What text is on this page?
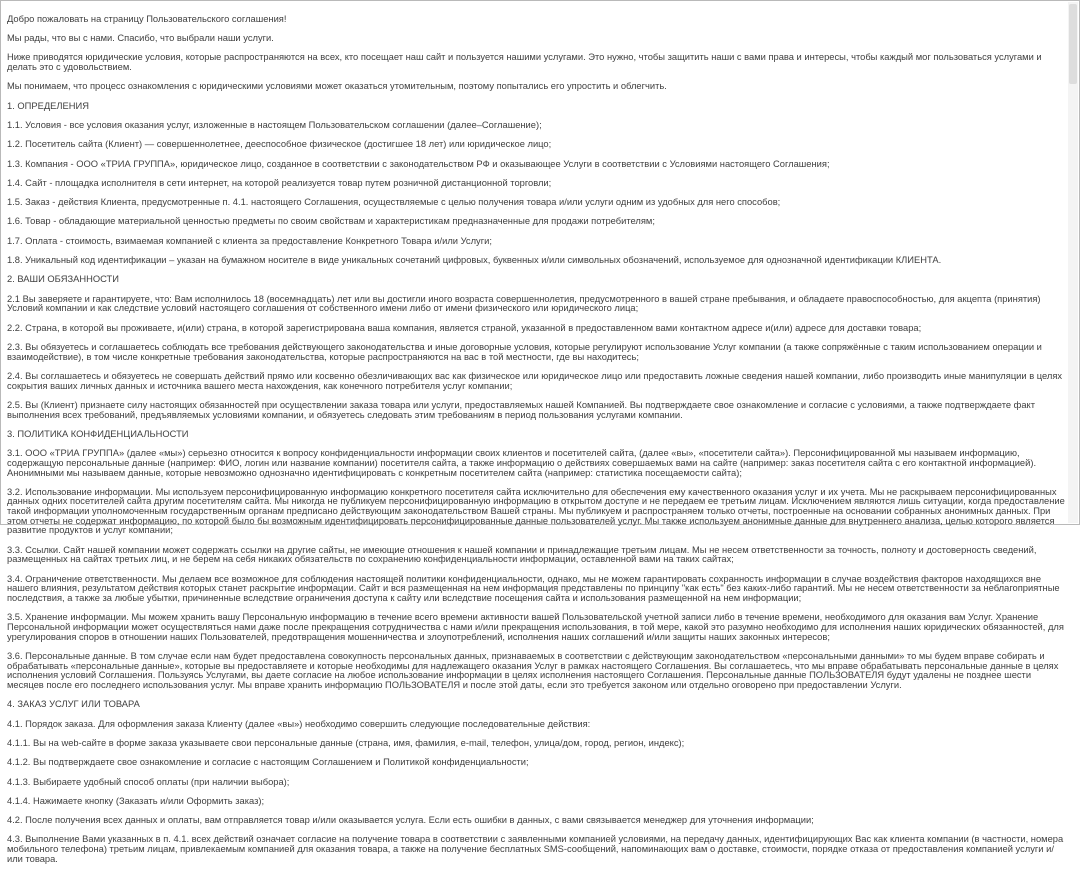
Добро пожаловать на страницу Пользовательского соглашения!

Мы рады, что вы с нами. Спасибо, что выбрали наши услуги.

Ниже приводятся юридические условия, которые распространяются на всех, кто посещает наш сайт и пользуется нашими услугами. Это нужно, чтобы защитить наши с вами права и интересы, чтобы каждый мог пользоваться услугами и делать это с удовольствием.

Мы понимаем, что процесс ознакомления с юридическими условиями может оказаться утомительным, поэтому попытались его упростить и облегчить.

1. ОПРЕДЕЛЕНИЯ

1.1. Условия - все условия оказания услуг, изложенные в настоящем Пользовательском соглашении (далее–Соглашение);

1.2. Посетитель сайта (Клиент) — совершеннолетнее, дееспособное физическое (достигшее 18 лет) или юридическое лицо;

1.3. Компания - ООО «ТРИА ГРУППА», юридическое лицо, созданное в соответствии с законодательством РФ и оказывающее Услуги в соответствии с Условиями настоящего Соглашения;

1.4. Сайт - площадка исполнителя в сети интернет, на которой реализуется товар путем розничной дистанционной торговли;

1.5. Заказ - действия Клиента, предусмотренные п. 4.1. настоящего Соглашения, осуществляемые с целью получения товара и/или услуги одним из удобных для него способов;

1.6. Товар - обладающие материальной ценностью предметы по своим свойствам и характеристикам предназначенные для продажи потребителям;

1.7. Оплата - стоимость, взимаемая компанией с клиента за предоставление Конкретного Товара и/или Услуги;

1.8. Уникальный код идентификации – указан на бумажном носителе в виде уникальных сочетаний цифровых, буквенных и/или символьных обозначений, используемое для однозначной идентификации КЛИЕНТА.

2. ВАШИ ОБЯЗАННОСТИ

2.1 Вы заверяете и гарантируете, что: Вам исполнилось 18 (восемнадцать) лет или вы достигли иного возраста совершеннолетия, предусмотренного в вашей стране пребывания, и обладаете правоспособностью, для акцепта (принятия) Условий компании и как следствие условий настоящего соглашения от собственного имени либо от имени физического или юридического лица;

2.2. Страна, в которой вы проживаете, и(или) страна, в которой зарегистрирована ваша компания, является страной, указанной в предоставленном вами контактном адресе и(или) адресе для доставки товара;

2.3. Вы обязуетесь и соглашаетесь соблюдать все требования действующего законодательства и иные договорные условия, которые регулируют использование Услуг компании (а также сопряжённые с таким использованием операции и взаимодействие), в том числе конкретные требования законодательства, которые распространяются на вас в той местности, где вы находитесь;

2.4. Вы соглашаетесь и обязуетесь не совершать действий прямо или косвенно обезличивающих вас как физическое или юридическое лицо или предоставить ложные сведения нашей компании, либо производить иные манипуляции в целях сокрытия ваших личных данных и источника вашего места нахождения, как конечного потребителя услуг компании;

2.5. Вы (Клиент) признаете силу настоящих обязанностей при осуществлении заказа товара или услуги, предоставляемых нашей Компанией. Вы подтверждаете свое ознакомление и согласие с условиями, а также подтверждаете факт выполнения всех требований, предъявляемых условиями компании, и обязуетесь следовать этим требованиям в период пользования услугами компании.

3. ПОЛИТИКА КОНФИДЕНЦИАЛЬНОСТИ

3.1. ООО «ТРИА ГРУППА» (далее «мы») серьезно относится к вопросу конфиденциальности информации своих клиентов и посетителей сайта, (далее «вы», «посетители сайта»). Персонифицированной мы называем информацию, содержащую персональные данные (например: ФИО, логин или название компании) посетителя сайта, а также информацию о действиях совершаемых вами на сайте (например: заказ посетителя сайта с его контактной информацией). Анонимными мы называем данные, которые невозможно однозначно идентифицировать с конкретным посетителем сайта (например: статистика посещаемости сайта);

3.2. Использование информации. Мы используем персонифицированную информацию конкретного посетителя сайта исключительно для обеспечения ему качественного оказания услуг и их учета. Мы не раскрываем персонифицированных данных одних посетителей сайта другим посетителям сайта. Мы никогда не публикуем персонифицированную информацию в открытом доступе и не передаем ее третьим лицам. Исключением являются лишь ситуации, когда предоставление такой информации уполномоченным государственным органам предписано действующим законодательством Вашей страны. Мы публикуем и распространяем только отчеты, построенные на основании собранных анонимных данных. При этом отчеты не содержат информацию, по которой было бы возможным идентифицировать персонифицированные данные пользователей услуг. Мы также используем анонимные данные для внутреннего анализа, целью которого является развитие продуктов и услуг компании;

3.3. Ссылки. Сайт нашей компании может содержать ссылки на другие сайты, не имеющие отношения к нашей компании и принадлежащие третьим лицам. Мы не несем ответственности за точность, полноту и достоверность сведений, размещенных на сайтах третьих лиц, и не берем на себя никаких обязательств по сохранению конфиденциальности информации, оставленной вами на таких сайтах;

3.4. Ограничение ответственности. Мы делаем все возможное для соблюдения настоящей политики конфиденциальности, однако, мы не можем гарантировать сохранность информации в случае воздействия факторов находящихся вне нашего влияния, результатом действия которых станет раскрытие информации. Сайт и вся размещенная на нем информация представлены по принципу "как есть" без каких-либо гарантий. Мы не несем ответственности за неблагоприятные последствия, а также за любые убытки, причиненные вследствие ограничения доступа к сайту или вследствие посещения сайта и использования размещенной на нем информации;

3.5. Хранение информации. Мы можем хранить вашу Персональную информацию в течение всего времени активности вашей Пользовательской учетной записи либо в течение времени, необходимого для оказания вам Услуг. Хранение Персональной информации может осуществляться нами даже после прекращения сотрудничества с нами и/или прекращения использования, в той мере, какой это разумно необходимо для исполнения наших юридических обязанностей, для урегулирования споров в отношении наших Пользователей, предотвращения мошенничества и злоупотреблений, исполнения наших соглашений и/или защиты наших законных интересов;

3.6. Персональные данные. В том случае если нам будет предоставлена совокупность персональных данных, признаваемых в соответствии с действующим законодательством «персональными данными» то мы будем вправе собирать и обрабатывать «персональные данные», которые вы предоставляете и которые необходимы для надлежащего оказания Услуг в рамках настоящего Соглашения. Вы соглашаетесь, что мы вправе обрабатывать персональные данные в целях исполнения условий Соглашения. Пользуясь Услугами, вы даете согласие на любое использование информации в целях исполнения настоящего Соглашения. Персональные данные ПОЛЬЗОВАТЕЛЯ будут удалены не позднее шести месяцев после его последнего использования услуг. Мы вправе хранить информацию ПОЛЬЗОВАТЕЛЯ и после этой даты, если это требуется законом или отдельно оговорено при предоставлении Услуги.

4. ЗАКАЗ УСЛУГ ИЛИ ТОВАРА

4.1. Порядок заказа. Для оформления заказа Клиенту (далее «вы») необходимо совершить следующие последовательные действия:

4.1.1. Вы на web-сайте в форме заказа указываете свои персональные данные (страна, имя, фамилия, e-mail, телефон, улица/дом, город, регион, индекс);

4.1.2. Вы подтверждаете свое ознакомление и согласие с настоящим Соглашением и Политикой конфиденциальности;

4.1.3. Выбираете удобный способ оплаты (при наличии выбора);

4.1.4. Нажимаете кнопку (Заказать и/или Оформить заказ);

4.2. После получения всех данных и оплаты, вам отправляется товар и/или оказывается услуга. Если есть ошибки в данных, с вами связывается менеджер для уточнения информации;

4.3. Выполнение Вами указанных в п. 4.1. всех действий означает согласие на получение товара в соответствии с заявленными компанией условиями, на передачу данных, идентифицирующих Вас как клиента компании (в частности, номера мобильного телефона) третьим лицам, привлекаемым компанией для оказания товара, а также на получение бесплатных SMS-сообщений, напоминающих вам о доставке, стоимости, порядке отказа от предоставления компанией услуги и/или товара.
